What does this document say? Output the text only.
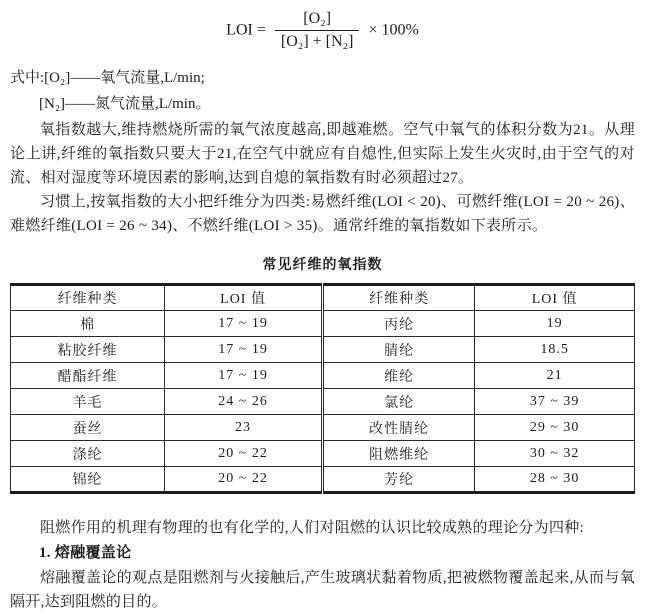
LOI = $\frac{\text{[O₂]}}{\text{[O₂] + [N₂]}} \times 100\%$
式中:[O₂]——氧气流量,L/min;
[N₂]——氮气流量,L/min。

氧指数越大,维持燃烧所需的氧气浓度越高,即越难燃。空气中氧气的体积分数为21。从理论上讲,纤维的氧指数只要大于21,在空气中就应有自熄性,但实际上发生火灾时,由于空气的对流、相对湿度等环境因素的影响,达到自熄的氧指数有时必须超过27。

习惯上,按氧指数的大小把纤维分为四类:易燃纤维(LOI < 20)、可燃纤维(LOI = 20 ~ 26)、难燃纤维(LOI = 26 ~ 34)、不燃纤维(LOI > 35)。通常纤维的氧指数如下表所示。

常见纤维的氧指数
纤维种类	LOI 值	纤维种类	LOI 值
棉	17 ~ 19	丙纶	19
粘胶纤维	17 ~ 19	腈纶	18.5
醋酯纤维	17 ~ 19	维纶	21
羊毛	24 ~ 26	氯纶	37 ~ 39
蚕丝	23	改性腈纶	29 ~ 30
涤纶	20 ~ 22	阻燃维纶	30 ~ 32
锦纶	20 ~ 22	芳纶	28 ~ 30

阻燃作用的机理有物理的也有化学的,人们对阻燃的认识比较成熟的理论分为四种:

1. 熔融覆盖论

熔融覆盖论的观点是阻燃剂与火接触后,产生玻璃状黏着物质,把被燃物覆盖起来,从而与氧隔开,达到阻燃的目的。
